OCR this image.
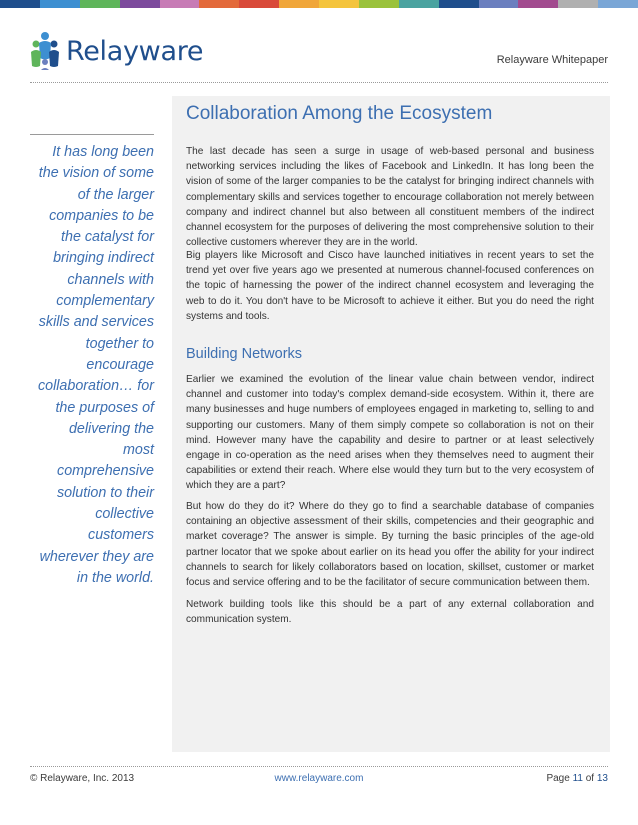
Relayware	Relayware Whitepaper
It has long been
the vision of some
of the larger
companies to be
the catalyst for
bringing indirect
channels with
complementary
skills and services
together to
encourage
collaboration… for
the purposes of
delivering the
most
comprehensive
solution to their
collective
customers
wherever they are
in the world.
Collaboration Among the Ecosystem

The last decade has seen a surge in usage of web-based personal and business networking services including the likes of Facebook and LinkedIn. It has long been the vision of some of the larger companies to be the catalyst for bringing indirect channels with complementary skills and services together to encourage collaboration not merely between company and indirect channel but also between all constituent members of the indirect channel ecosystem for the purposes of delivering the most comprehensive solution to their collective customers wherever they are in the world.

Big players like Microsoft and Cisco have launched initiatives in recent years to set the trend yet over five years ago we presented at numerous channel-focused conferences on the topic of harnessing the power of the indirect channel ecosystem and leveraging the web to do it. You don't have to be Microsoft to achieve it either. But you do need the right systems and tools.

Building Networks

Earlier we examined the evolution of the linear value chain between vendor, indirect channel and customer into today's complex demand-side ecosystem. Within it, there are many businesses and huge numbers of employees engaged in marketing to, selling to and supporting our customers. Many of them simply compete so collaboration is not on their mind. However many have the capability and desire to partner or at least selectively engage in co-operation as the need arises when they themselves need to augment their capabilities or extend their reach. Where else would they turn but to the very ecosystem of which they are a part?

But how do they do it? Where do they go to find a searchable database of companies containing an objective assessment of their skills, competencies and their geographic and market coverage? The answer is simple. By turning the basic principles of the age-old partner locator that we spoke about earlier on its head you offer the ability for your indirect channels to search for likely collaborators based on location, skillset, customer or market focus and service offering and to be the facilitator of secure communication between them.

Network building tools like this should be a part of any external collaboration and communication system.

© Relayware, Inc. 2013	www.relayware.com	Page 11 of 13
